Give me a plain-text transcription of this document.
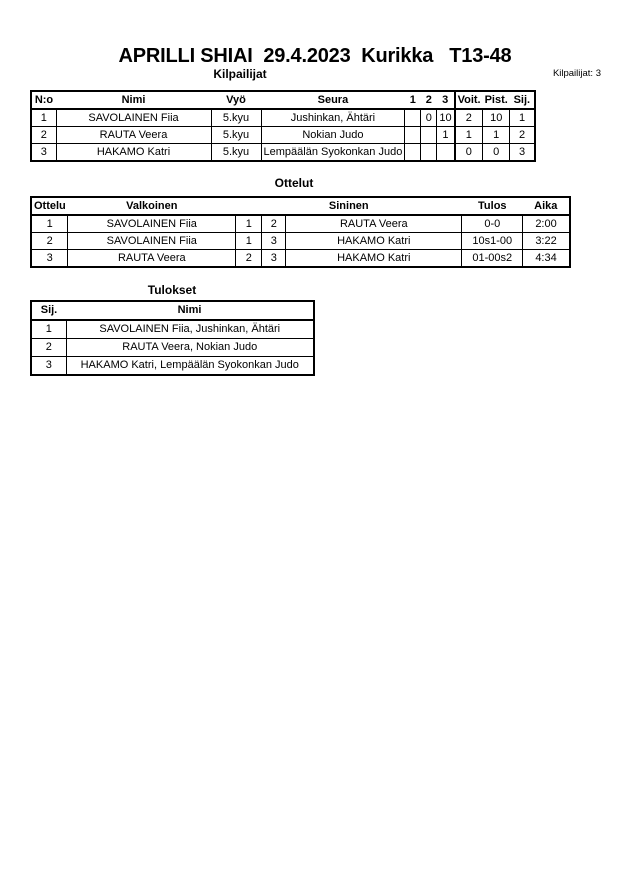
APRILLI SHIAI  29.4.2023  Kurikka   T13-48
Kilpailijat	Kilpailijat: 3
N:o	Nimi	Vyö	Seura	1	2	3	Voit.	Pist.	Sij.
1	SAVOLAINEN Fiia	5.kyu	Jushinkan, Ähtäri		0	10	2	10	1
2	RAUTA Veera	5.kyu	Nokian Judo			1	1	1	2
3	HAKAMO Katri	5.kyu	Lempäälän Syokonkan Judo				0	0	3
Ottelut
Ottelu	Valkoinen	Sininen			Tulos	Aika
1	SAVOLAINEN Fiia	1	2	RAUTA Veera	0-0	2:00
2	SAVOLAINEN Fiia	1	3	HAKAMO Katri	10s1-00	3:22
3	RAUTA Veera	2	3	HAKAMO Katri	01-00s2	4:34
Tulokset
Sij.	Nimi
1	SAVOLAINEN Fiia, Jushinkan, Ähtäri
2	RAUTA Veera, Nokian Judo
3	HAKAMO Katri, Lempäälän Syokonkan Judo
